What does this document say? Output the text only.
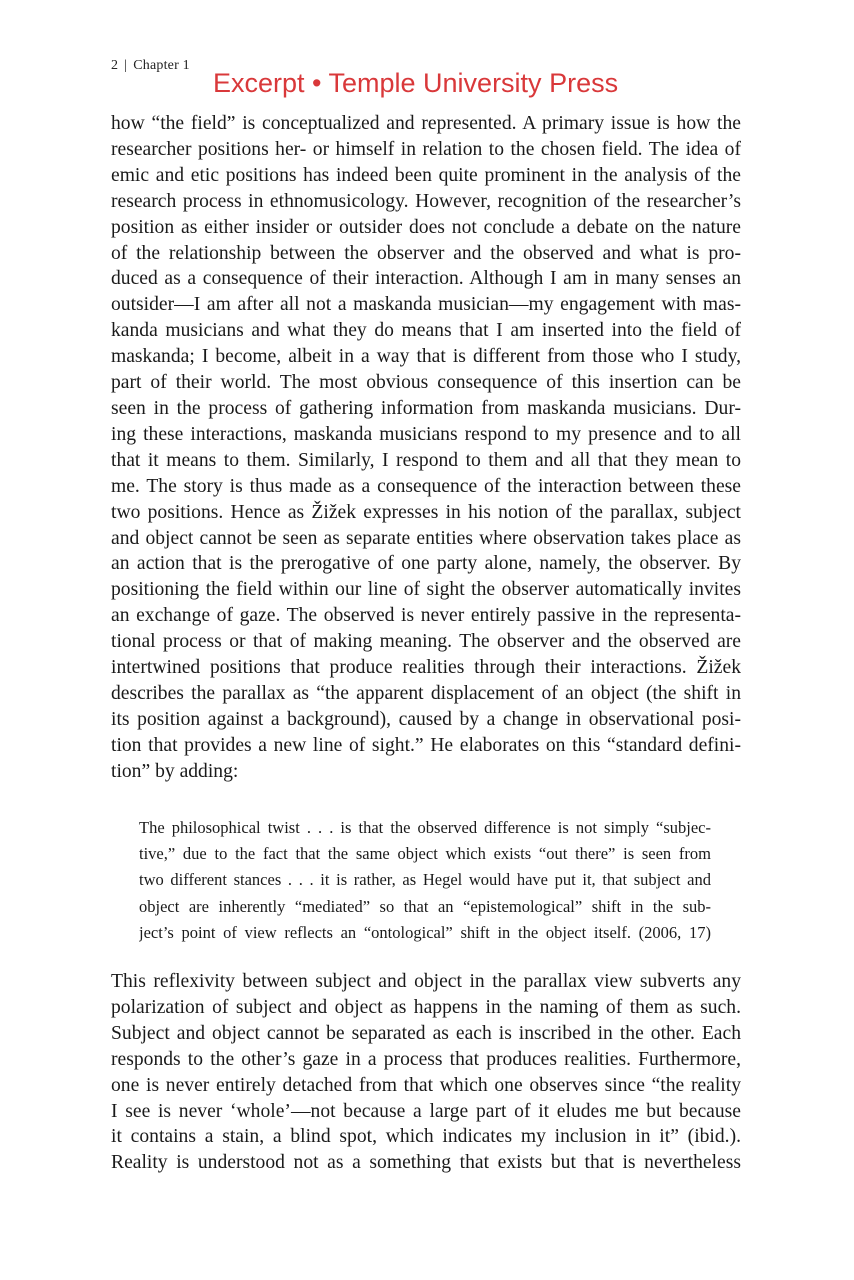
2 | Chapter 1
Excerpt • Temple University Press
how “the field” is conceptualized and represented. A primary issue is how the
researcher positions her- or himself in relation to the chosen field. The idea of
emic and etic positions has indeed been quite prominent in the analysis of the
research process in ethnomusicology. However, recognition of the researcher’s
position as either insider or outsider does not conclude a debate on the nature
of the relationship between the observer and the observed and what is pro-
duced as a consequence of their interaction. Although I am in many senses an
outsider—I am after all not a maskanda musician—my engagement with mas-
kanda musicians and what they do means that I am inserted into the field of
maskanda; I become, albeit in a way that is different from those who I study,
part of their world. The most obvious consequence of this insertion can be
seen in the process of gathering information from maskanda musicians. Dur-
ing these interactions, maskanda musicians respond to my presence and to all
that it means to them. Similarly, I respond to them and all that they mean to
me. The story is thus made as a consequence of the interaction between these
two positions. Hence as Žižek expresses in his notion of the parallax, subject
and object cannot be seen as separate entities where observation takes place as
an action that is the prerogative of one party alone, namely, the observer. By
positioning the field within our line of sight the observer automatically invites
an exchange of gaze. The observed is never entirely passive in the representa-
tional process or that of making meaning. The observer and the observed are
intertwined positions that produce realities through their interactions. Žižek
describes the parallax as “the apparent displacement of an object (the shift in
its position against a background), caused by a change in observational posi-
tion that provides a new line of sight.” He elaborates on this “standard defini-
tion” by adding:
The philosophical twist . . . is that the observed difference is not simply “subjec-
tive,” due to the fact that the same object which exists “out there” is seen from
two different stances . . . it is rather, as Hegel would have put it, that subject and
object are inherently “mediated” so that an “epistemological” shift in the sub-
ject’s point of view reflects an “ontological” shift in the object itself. (2006, 17)
This reflexivity between subject and object in the parallax view subverts any
polarization of subject and object as happens in the naming of them as such.
Subject and object cannot be separated as each is inscribed in the other. Each
responds to the other’s gaze in a process that produces realities. Furthermore,
one is never entirely detached from that which one observes since “the reality
I see is never ‘whole’—not because a large part of it eludes me but because
it contains a stain, a blind spot, which indicates my inclusion in it” (ibid.).
Reality is understood not as a something that exists but that is nevertheless
